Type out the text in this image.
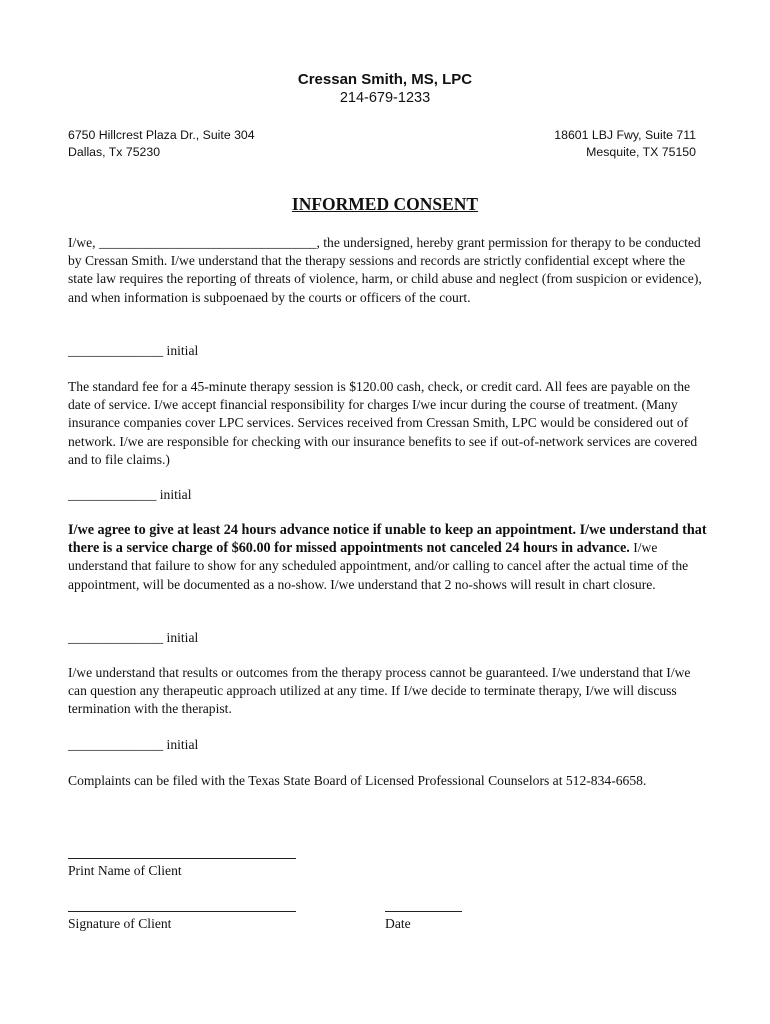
Cressan Smith, MS, LPC
214-679-1233
6750 Hillcrest Plaza Dr., Suite 304
Dallas, Tx 75230
18601 LBJ Fwy, Suite 711
Mesquite, TX 75150
INFORMED CONSENT

I/we, ________________________________, the undersigned, hereby grant permission for therapy to be conducted by Cressan Smith. I/we understand that the therapy sessions and records are strictly confidential except where the state law requires the reporting of threats of violence, harm, or child abuse and neglect (from suspicion or evidence), and when information is subpoenaed by the courts or officers of the court.

______________ initial

The standard fee for a 45-minute therapy session is $120.00 cash, check, or credit card. All fees are payable on the date of service. I/we accept financial responsibility for charges I/we incur during the course of treatment. (Many insurance companies cover LPC services. Services received from Cressan Smith, LPC would be considered out of network. I/we are responsible for checking with our insurance benefits to see if out-of-network services are covered and to file claims.)

_____________ initial

I/we agree to give at least 24 hours advance notice if unable to keep an appointment. I/we understand that there is a service charge of $60.00 for missed appointments not canceled 24 hours in advance. I/we understand that failure to show for any scheduled appointment, and/or calling to cancel after the actual time of the appointment, will be documented as a no-show. I/we understand that 2 no-shows will result in chart closure.

______________ initial

I/we understand that results or outcomes from the therapy process cannot be guaranteed. I/we understand that I/we can question any therapeutic approach utilized at any time. If I/we decide to terminate therapy, I/we will discuss termination with the therapist.

______________ initial

Complaints can be filed with the Texas State Board of Licensed Professional Counselors at 512-834-6658.

Print Name of Client
Signature of Client	Date
